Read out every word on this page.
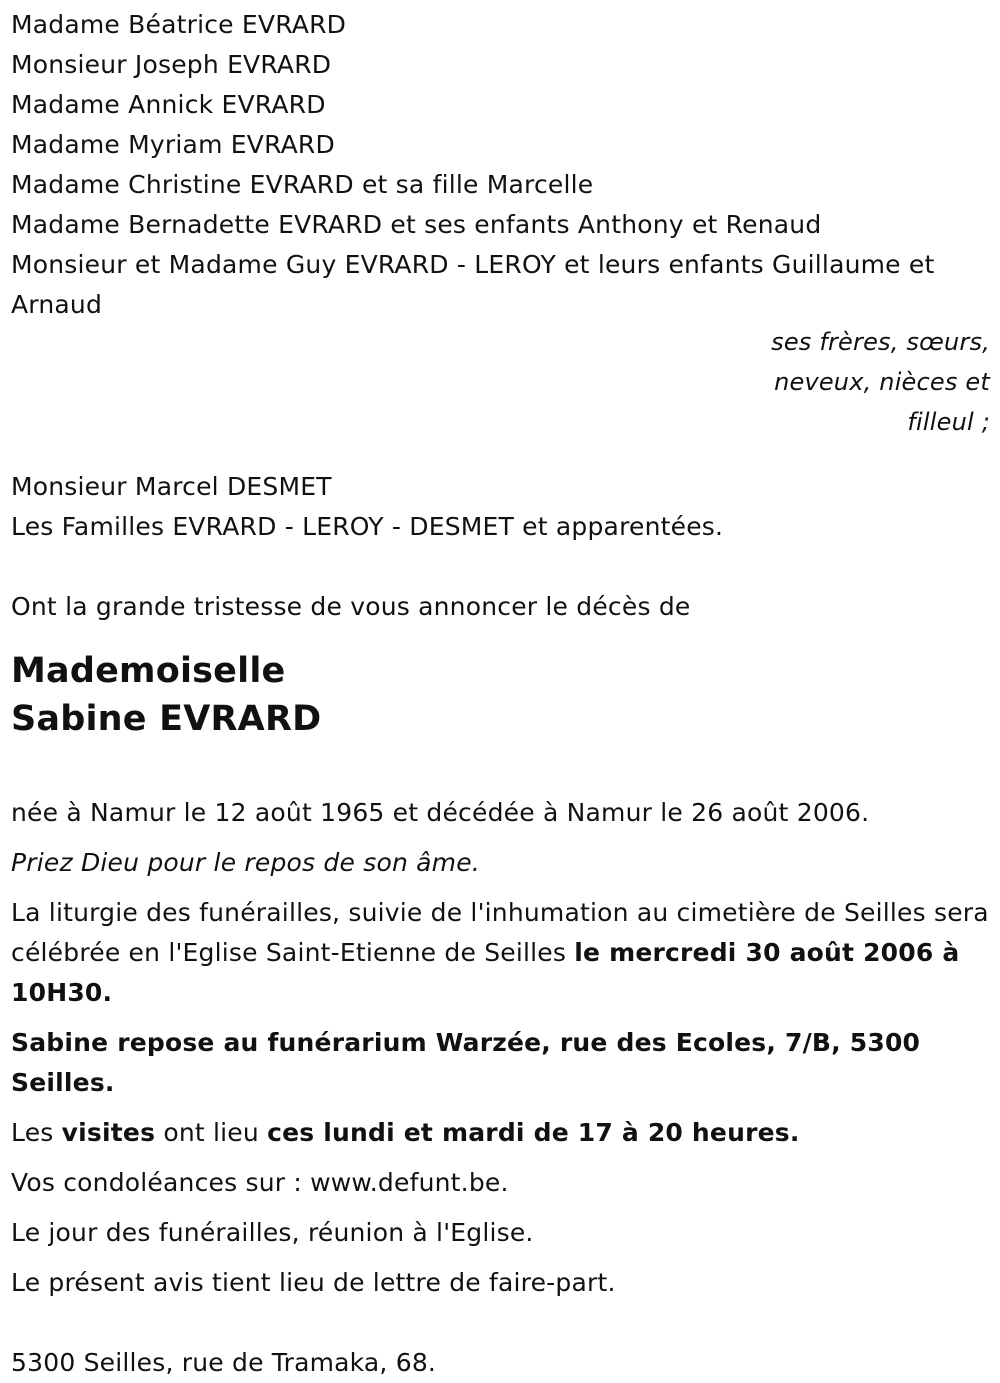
Madame Béatrice EVRARD
Monsieur Joseph EVRARD
Madame Annick EVRARD
Madame Myriam EVRARD
Madame Christine EVRARD et sa fille Marcelle
Madame Bernadette EVRARD et ses enfants Anthony et Renaud
Monsieur et Madame Guy EVRARD - LEROY et leurs enfants Guillaume et Arnaud
ses frères, sœurs,
neveux, nièces et
filleul ;
Monsieur Marcel DESMET
Les Familles EVRARD - LEROY - DESMET et apparentées.
Ont la grande tristesse de vous annoncer le décès de
Mademoiselle
Sabine EVRARD
née à Namur le 12 août 1965 et décédée à Namur le 26 août 2006.
Priez Dieu pour le repos de son âme.
La liturgie des funérailles, suivie de l'inhumation au cimetière de Seilles sera célébrée en l'Eglise Saint-Etienne de Seilles le mercredi 30 août 2006 à 10H30.
Sabine repose au funérarium Warzée, rue des Ecoles, 7/B, 5300 Seilles.
Les visites ont lieu ces lundi et mardi de 17 à 20 heures.
Vos condoléances sur : www.defunt.be.
Le jour des funérailles, réunion à l'Eglise.
Le présent avis tient lieu de lettre de faire-part.
5300 Seilles, rue de Tramaka, 68.
